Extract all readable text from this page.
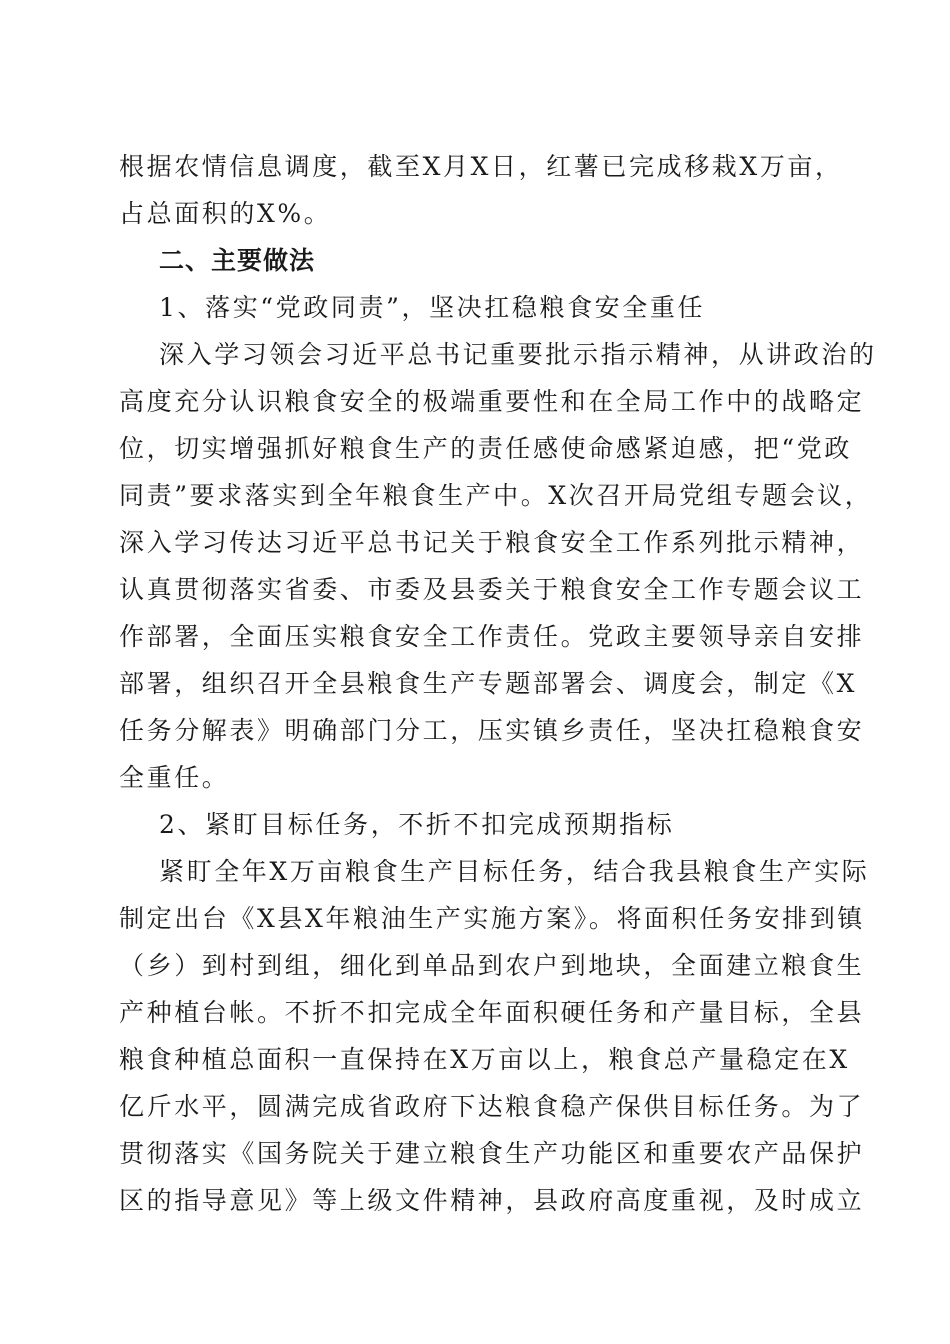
根据农情信息调度，截至X月X日，红薯已完成移栽X万亩，
占总面积的X%。
二、主要做法
1、落实“党政同责”，坚决扛稳粮食安全重任
深入学习领会习近平总书记重要批示指示精神，从讲政治的
高度充分认识粮食安全的极端重要性和在全局工作中的战略定
位，切实增强抓好粮食生产的责任感使命感紧迫感，把“党政
同责”要求落实到全年粮食生产中。X次召开局党组专题会议，
深入学习传达习近平总书记关于粮食安全工作系列批示精神，
认真贯彻落实省委、市委及县委关于粮食安全工作专题会议工
作部署，全面压实粮食安全工作责任。党政主要领导亲自安排
部署，组织召开全县粮食生产专题部署会、调度会，制定《X
任务分解表》明确部门分工，压实镇乡责任，坚决扛稳粮食安
全重任。
2、紧盯目标任务，不折不扣完成预期指标
紧盯全年X万亩粮食生产目标任务，结合我县粮食生产实际
制定出台《X县X年粮油生产实施方案》。将面积任务安排到镇
（乡）到村到组，细化到单品到农户到地块，全面建立粮食生
产种植台帐。不折不扣完成全年面积硬任务和产量目标，全县
粮食种植总面积一直保持在X万亩以上，粮食总产量稳定在X
亿斤水平，圆满完成省政府下达粮食稳产保供目标任务。为了
贯彻落实《国务院关于建立粮食生产功能区和重要农产品保护
区的指导意见》等上级文件精神，县政府高度重视，及时成立
